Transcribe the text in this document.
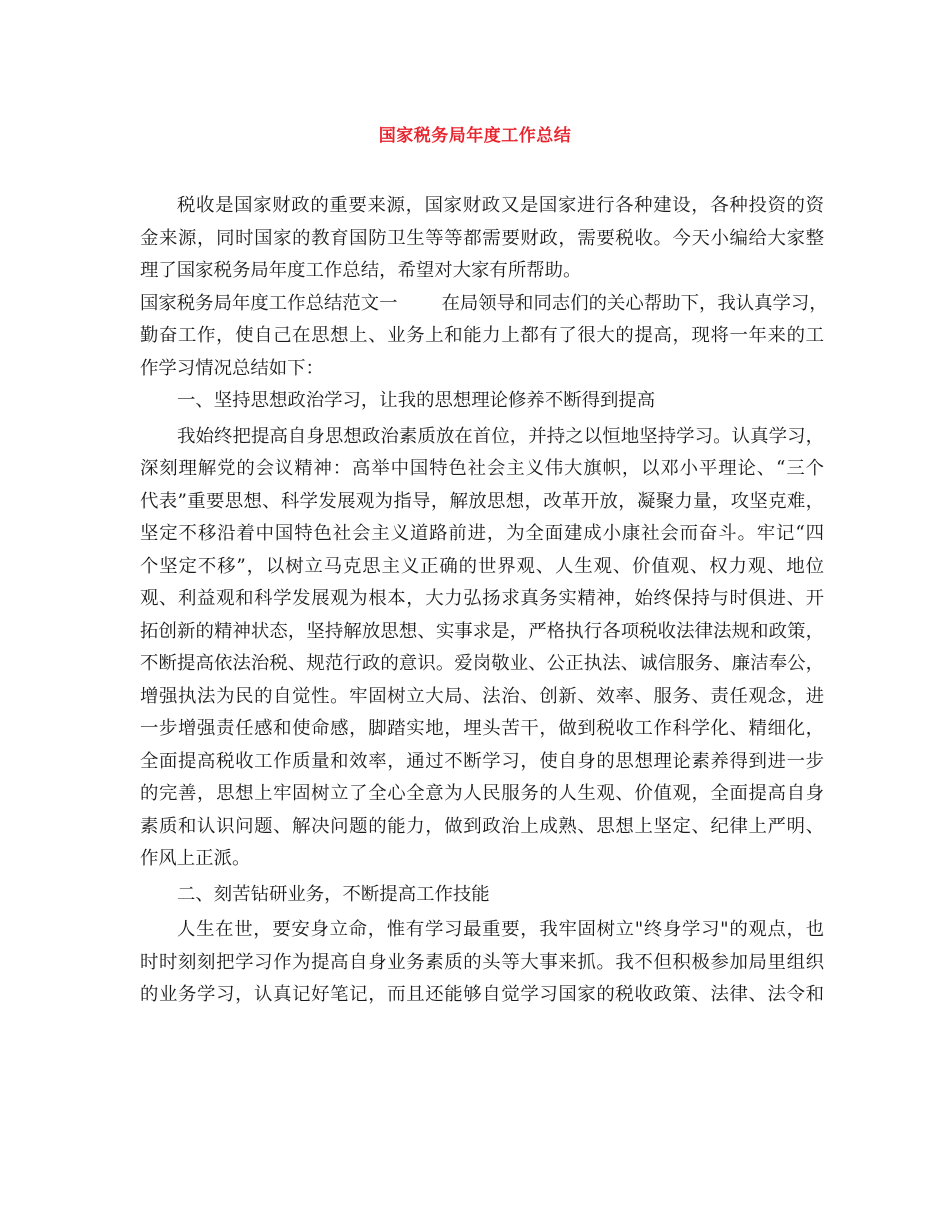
国家税务局年度工作总结
税收是国家财政的重要来源，国家财政又是国家进行各种建设，各种投资的资
金来源，同时国家的教育国防卫生等等都需要财政，需要税收。今天小编给大家整
理了国家税务局年度工作总结，希望对大家有所帮助。
国家税务局年度工作总结范文一 在局领导和同志们的关心帮助下，我认真学习，
勤奋工作，使自己在思想上、业务上和能力上都有了很大的提高，现将一年来的工
作学习情况总结如下：
一、坚持思想政治学习，让我的思想理论修养不断得到提高
我始终把提高自身思想政治素质放在首位，并持之以恒地坚持学习。认真学习，
深刻理解党的会议精神：高举中国特色社会主义伟大旗帜，以邓小平理论、“三个
代表”重要思想、科学发展观为指导，解放思想，改革开放，凝聚力量，攻坚克难，
坚定不移沿着中国特色社会主义道路前进，为全面建成小康社会而奋斗。牢记“四
个坚定不移”，以树立马克思主义正确的世界观、人生观、价值观、权力观、地位
观、利益观和科学发展观为根本，大力弘扬求真务实精神，始终保持与时俱进、开
拓创新的精神状态，坚持解放思想、实事求是，严格执行各项税收法律法规和政策，
不断提高依法治税、规范行政的意识。爱岗敬业、公正执法、诚信服务、廉洁奉公，
增强执法为民的自觉性。牢固树立大局、法治、创新、效率、服务、责任观念，进
一步增强责任感和使命感，脚踏实地，埋头苦干，做到税收工作科学化、精细化，
全面提高税收工作质量和效率，通过不断学习，使自身的思想理论素养得到进一步
的完善，思想上牢固树立了全心全意为人民服务的人生观、价值观，全面提高自身
素质和认识问题、解决问题的能力，做到政治上成熟、思想上坚定、纪律上严明、
作风上正派。
二、刻苦钻研业务，不断提高工作技能
人生在世，要安身立命，惟有学习最重要，我牢固树立"终身学习"的观点，也
时时刻刻把学习作为提高自身业务素质的头等大事来抓。我不但积极参加局里组织
的业务学习，认真记好笔记，而且还能够自觉学习国家的税收政策、法律、法令和
